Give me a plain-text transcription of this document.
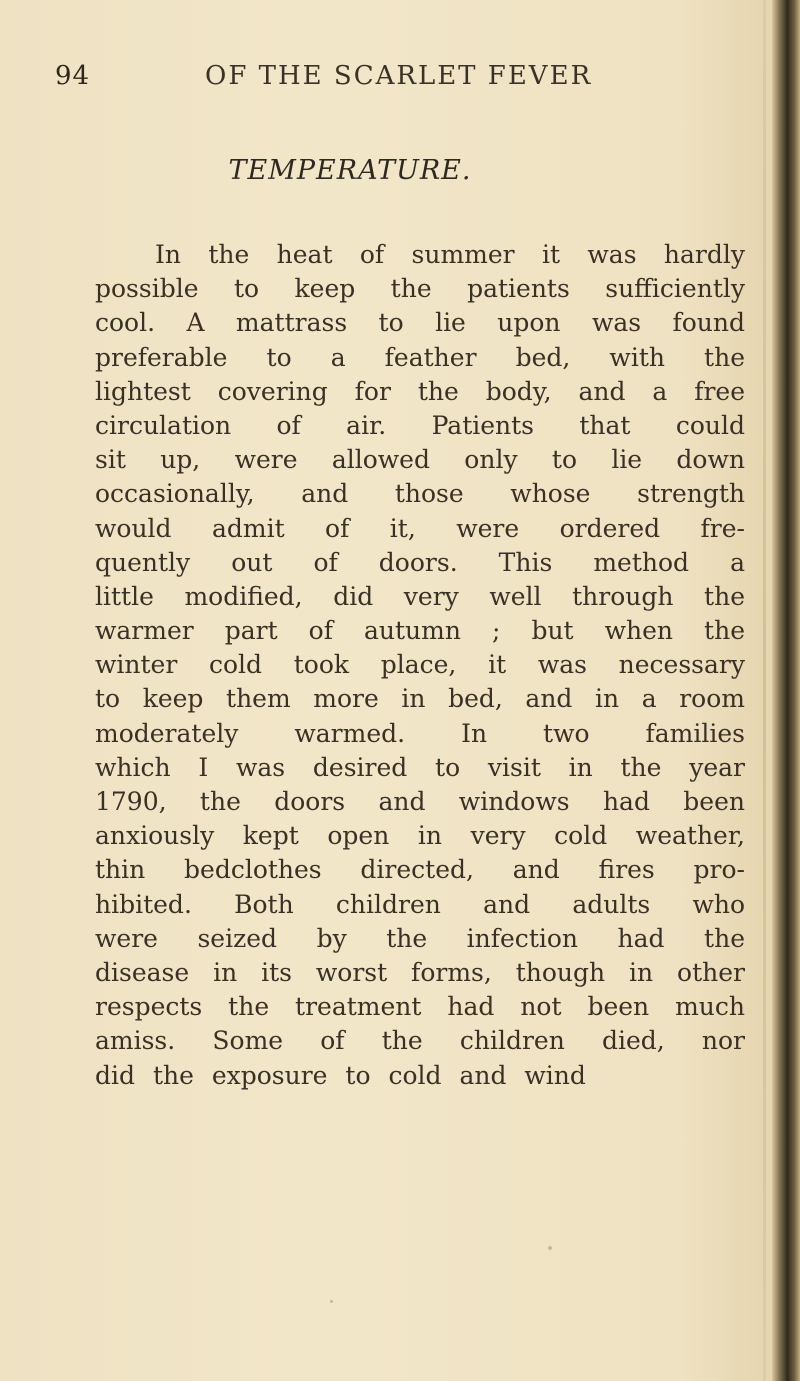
94	OF THE SCARLET FEVER
TEMPERATURE.
In the heat of summer it was hardly
possible to keep the patients sufficiently
cool. A mattrass to lie upon was found
preferable to a feather bed, with the
lightest covering for the body, and a free
circulation of air. Patients that could
sit up, were allowed only to lie down
occasionally, and those whose strength
would admit of it, were ordered fre-
quently out of doors. This method a
little modified, did very well through the
warmer part of autumn ; but when the
winter cold took place, it was necessary
to keep them more in bed, and in a room
moderately warmed. In two families
which I was desired to visit in the year
1790, the doors and windows had been
anxiously kept open in very cold weather,
thin bedclothes directed, and fires pro-
hibited. Both children and adults who
were seized by the infection had the
disease in its worst forms, though in other
respects the treatment had not been much
amiss. Some of the children died, nor
did the exposure to cold and wind
